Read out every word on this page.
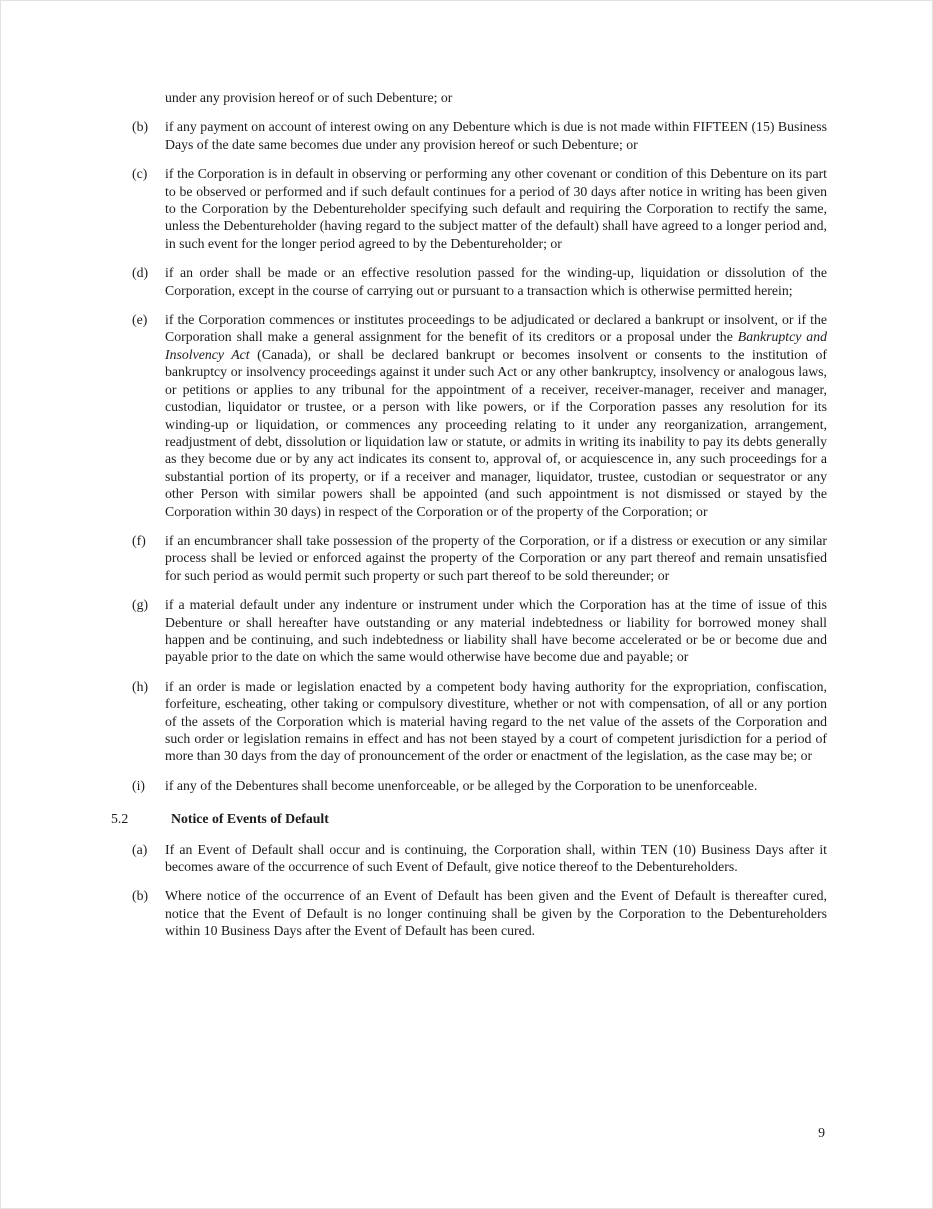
under any provision hereof or of such Debenture; or

(b) if any payment on account of interest owing on any Debenture which is due is not made within FIFTEEN (15) Business Days of the date same becomes due under any provision hereof or such Debenture; or

(c) if the Corporation is in default in observing or performing any other covenant or condition of this Debenture on its part to be observed or performed and if such default continues for a period of 30 days after notice in writing has been given to the Corporation by the Debentureholder specifying such default and requiring the Corporation to rectify the same, unless the Debentureholder (having regard to the subject matter of the default) shall have agreed to a longer period and, in such event for the longer period agreed to by the Debentureholder; or

(d) if an order shall be made or an effective resolution passed for the winding-up, liquidation or dissolution of the Corporation, except in the course of carrying out or pursuant to a transaction which is otherwise permitted herein;

(e) if the Corporation commences or institutes proceedings to be adjudicated or declared a bankrupt or insolvent, or if the Corporation shall make a general assignment for the benefit of its creditors or a proposal under the Bankruptcy and Insolvency Act (Canada), or shall be declared bankrupt or becomes insolvent or consents to the institution of bankruptcy or insolvency proceedings against it under such Act or any other bankruptcy, insolvency or analogous laws, or petitions or applies to any tribunal for the appointment of a receiver, receiver-manager, receiver and manager, custodian, liquidator or trustee, or a person with like powers, or if the Corporation passes any resolution for its winding-up or liquidation, or commences any proceeding relating to it under any reorganization, arrangement, readjustment of debt, dissolution or liquidation law or statute, or admits in writing its inability to pay its debts generally as they become due or by any act indicates its consent to, approval of, or acquiescence in, any such proceedings for a substantial portion of its property, or if a receiver and manager, liquidator, trustee, custodian or sequestrator or any other Person with similar powers shall be appointed (and such appointment is not dismissed or stayed by the Corporation within 30 days) in respect of the Corporation or of the property of the Corporation; or

(f) if an encumbrancer shall take possession of the property of the Corporation, or if a distress or execution or any similar process shall be levied or enforced against the property of the Corporation or any part thereof and remain unsatisfied for such period as would permit such property or such part thereof to be sold thereunder; or

(g) if a material default under any indenture or instrument under which the Corporation has at the time of issue of this Debenture or shall hereafter have outstanding or any material indebtedness or liability for borrowed money shall happen and be continuing, and such indebtedness or liability shall have become accelerated or be or become due and payable prior to the date on which the same would otherwise have become due and payable; or

(h) if an order is made or legislation enacted by a competent body having authority for the expropriation, confiscation, forfeiture, escheating, other taking or compulsory divestiture, whether or not with compensation, of all or any portion of the assets of the Corporation which is material having regard to the net value of the assets of the Corporation and such order or legislation remains in effect and has not been stayed by a court of competent jurisdiction for a period of more than 30 days from the day of pronouncement of the order or enactment of the legislation, as the case may be; or

(i) if any of the Debentures shall become unenforceable, or be alleged by the Corporation to be unenforceable.

5.2	Notice of Events of Default
(a) If an Event of Default shall occur and is continuing, the Corporation shall, within TEN (10) Business Days after it becomes aware of the occurrence of such Event of Default, give notice thereof to the Debentureholders.

(b) Where notice of the occurrence of an Event of Default has been given and the Event of Default is thereafter cured, notice that the Event of Default is no longer continuing shall be given by the Corporation to the Debentureholders within 10 Business Days after the Event of Default has been cured.

9
